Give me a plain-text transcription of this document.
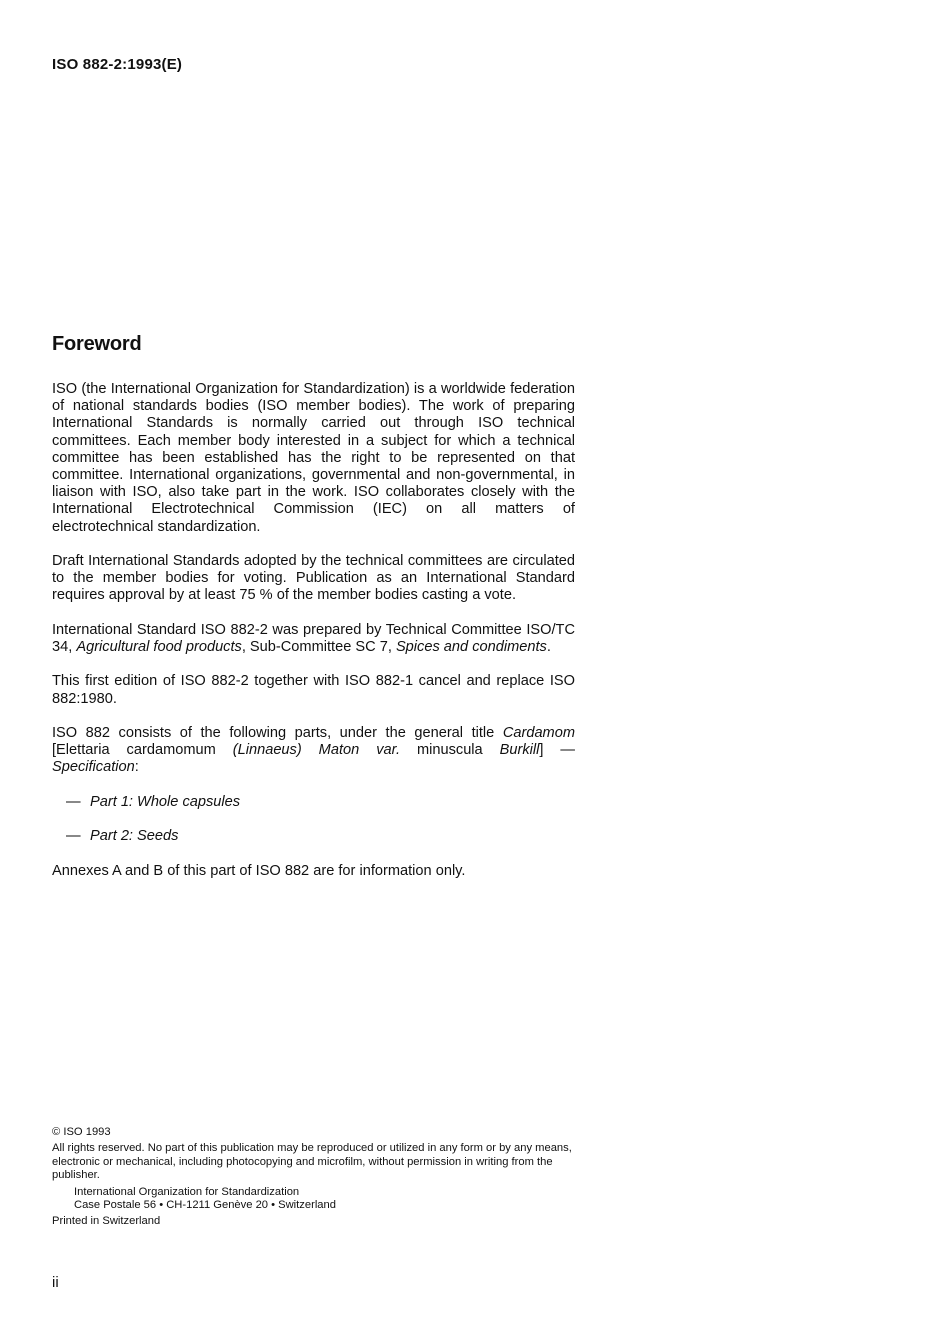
ISO 882-2:1993(E)
Foreword

ISO (the International Organization for Standardization) is a worldwide federation of national standards bodies (ISO member bodies). The work of preparing International Standards is normally carried out through ISO technical committees. Each member body interested in a subject for which a technical committee has been established has the right to be represented on that committee. International organizations, governmental and non-governmental, in liaison with ISO, also take part in the work. ISO collaborates closely with the International Electrotechnical Commission (IEC) on all matters of electrotechnical standardization.

Draft International Standards adopted by the technical committees are circulated to the member bodies for voting. Publication as an International Standard requires approval by at least 75 % of the member bodies casting a vote.

International Standard ISO 882-2 was prepared by Technical Committee ISO/TC 34, Agricultural food products, Sub-Committee SC 7, Spices and condiments.

This first edition of ISO 882-2 together with ISO 882-1 cancel and replace ISO 882:1980.

ISO 882 consists of the following parts, under the general title Cardamom [Elettaria cardamomum (Linnaeus) Maton var. minuscula Burkill] — Specification:

— Part 1: Whole capsules

— Part 2: Seeds

Annexes A and B of this part of ISO 882 are for information only.

© ISO 1993
All rights reserved. No part of this publication may be reproduced or utilized in any form or by any means, electronic or mechanical, including photocopying and microfilm, without permission in writing from the publisher.
International Organization for Standardization
Case Postale 56 • CH-1211 Genève 20 • Switzerland
Printed in Switzerland
ii
